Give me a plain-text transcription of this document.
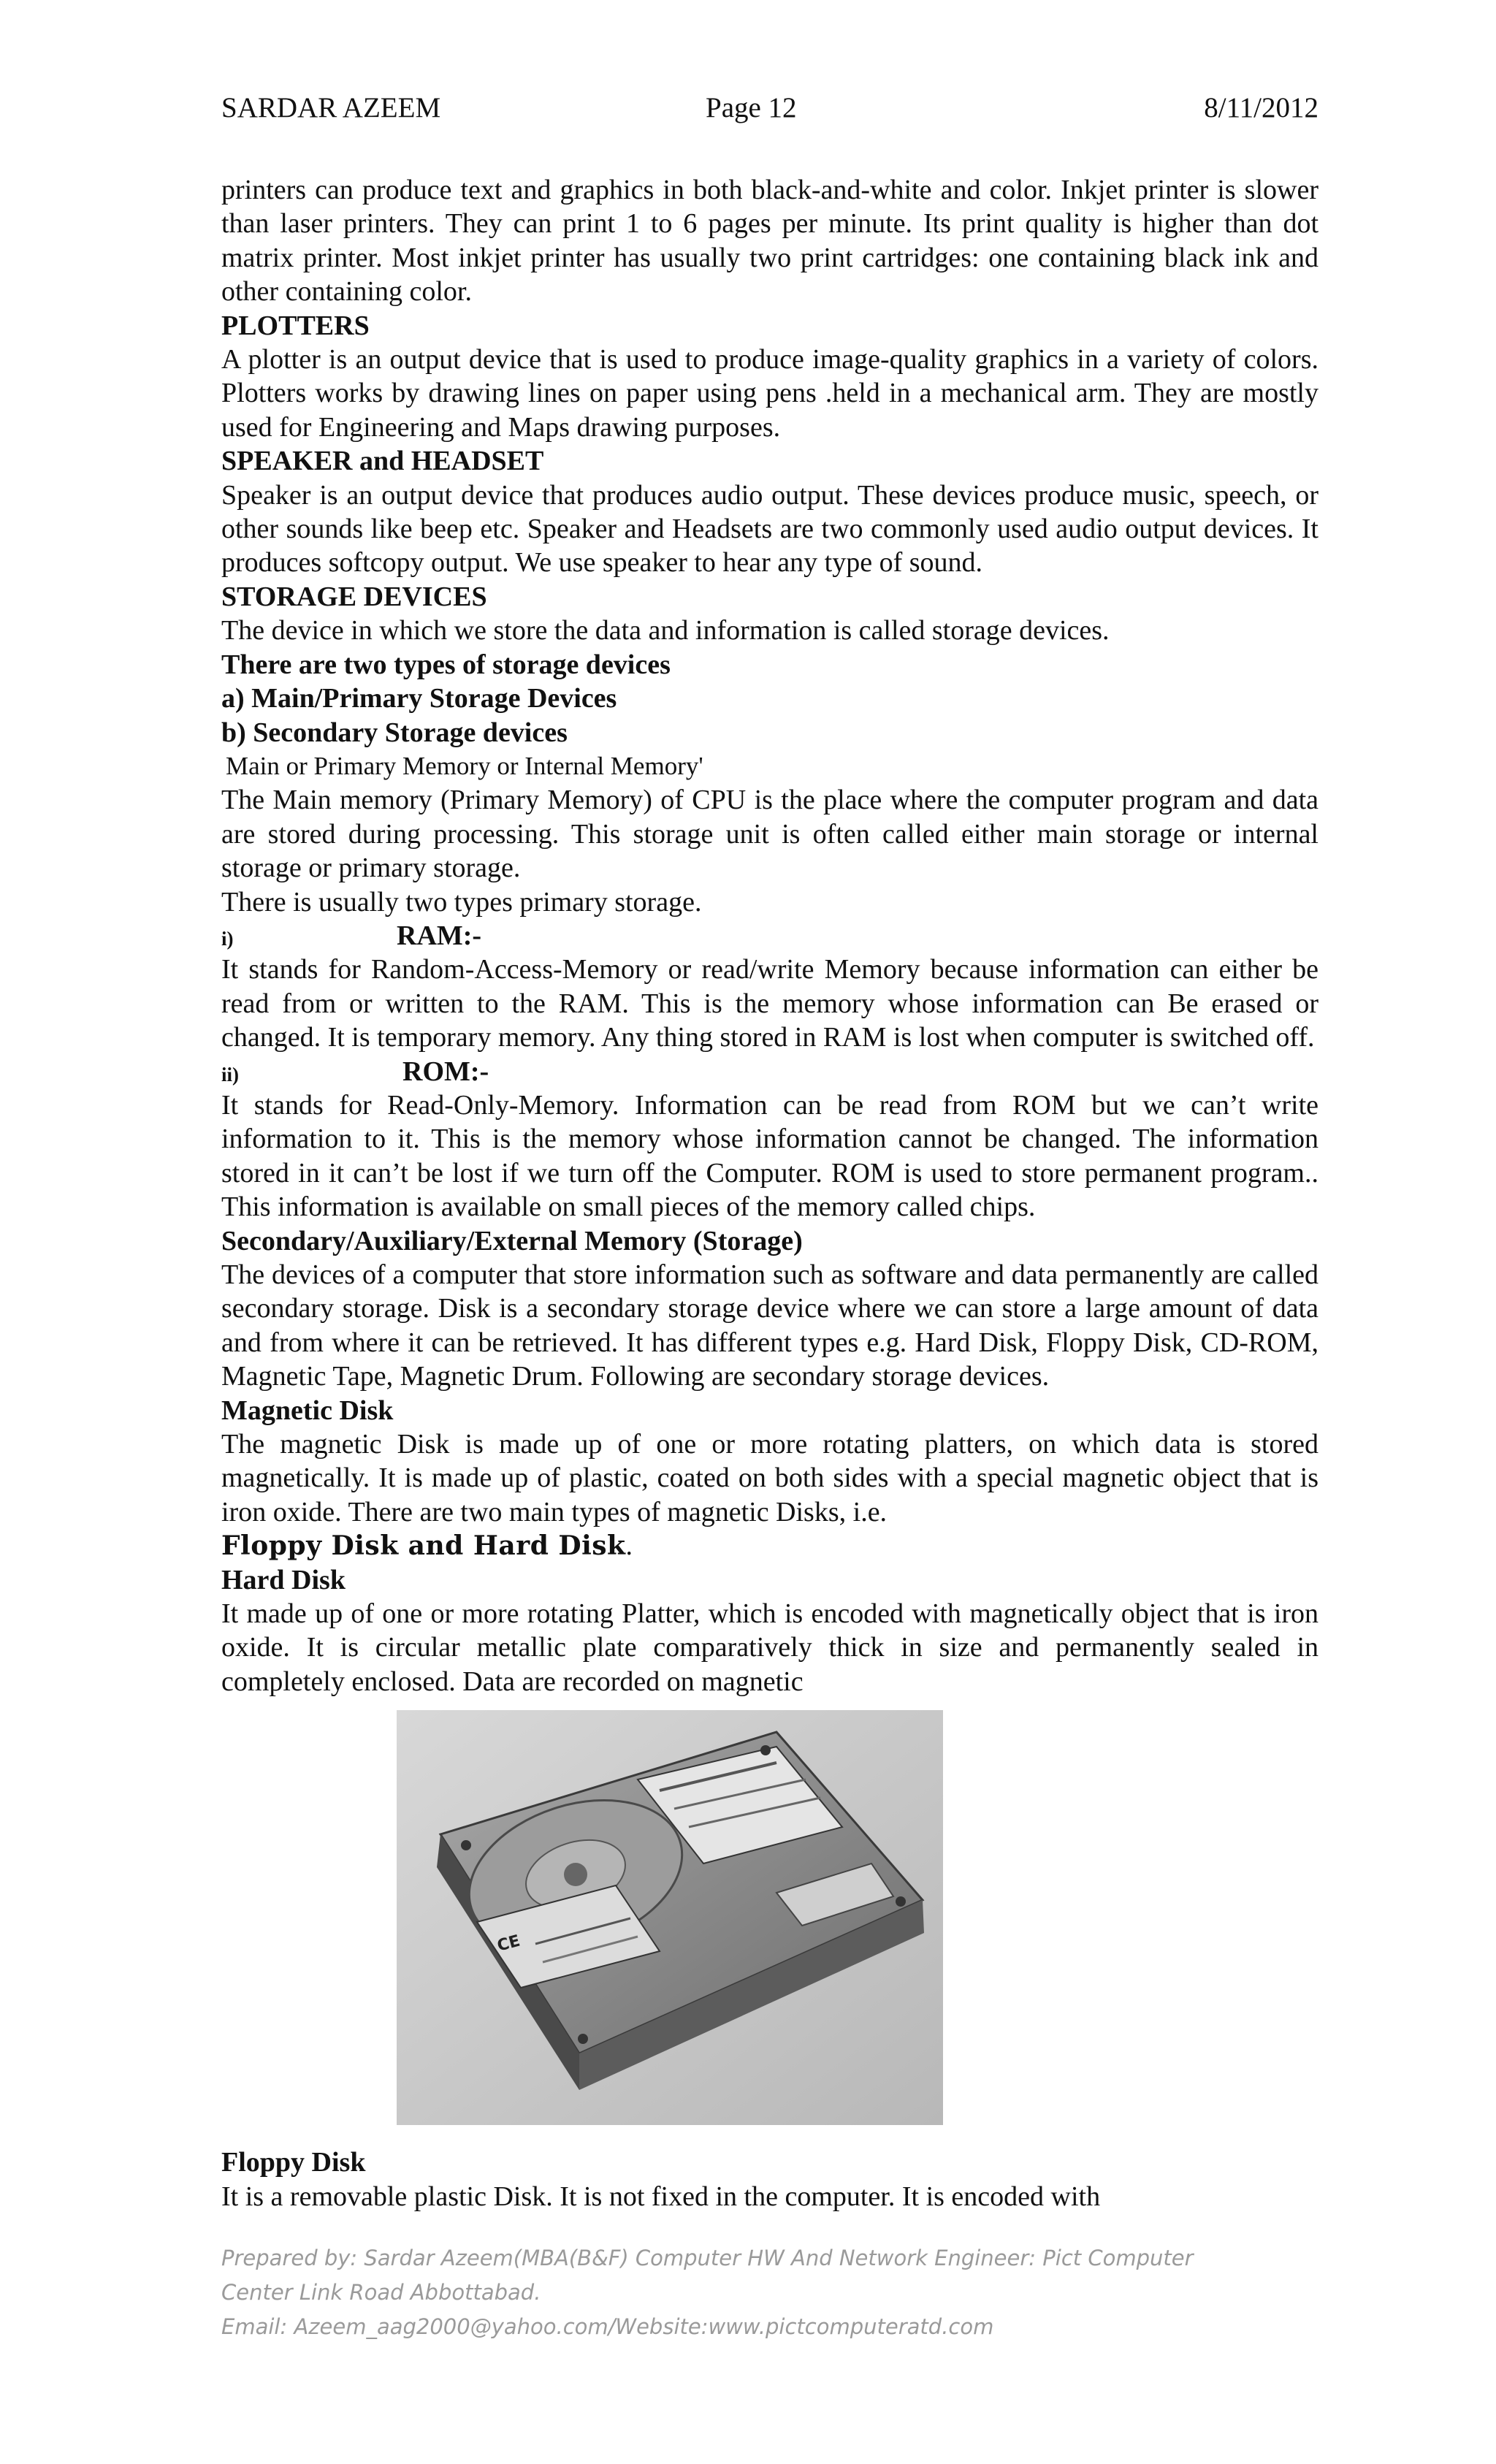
SARDAR AZEEM	Page 12	8/11/2012

printers can produce text and graphics in both black-and-white and color. Inkjet printer is slower than laser printers. They can print 1 to 6 pages per minute. Its print quality is higher than dot matrix printer. Most inkjet printer has usually two print cartridges: one containing black ink and other containing color.

PLOTTERS

A plotter is an output device that is used to produce image-quality graphics in a variety of colors. Plotters works by drawing lines on paper using pens .held in a mechanical arm. They are mostly used for Engineering and Maps drawing purposes.

SPEAKER and HEADSET

Speaker is an output device that produces audio output. These devices produce music, speech, or other sounds like beep etc. Speaker and Headsets are two commonly used audio output devices. It produces softcopy output. We use speaker to hear any type of sound.

STORAGE DEVICES

The device in which we store the data and information is called storage devices.

There are two types of storage devices

a) Main/Primary Storage Devices

b) Secondary Storage devices

Main or Primary Memory or Internal Memory'

The Main memory (Primary Memory) of CPU is the place where the computer program and data are stored during processing. This storage unit is often called either main storage or internal storage or primary storage.

There is usually two types primary storage.

i)	RAM:-

It stands for Random-Access-Memory or read/write Memory because information can either be read from or written to the RAM. This is the memory whose information can Be erased or changed. It is temporary memory. Any thing stored in RAM is lost when computer is switched off.

ii)	ROM:-

It stands for Read-Only-Memory. Information can be read from ROM but we can’t write information to it. This is the memory whose information cannot be changed. The information stored in it can’t be lost if we turn off the Computer. ROM is used to store permanent program.. This information is available on small pieces of the memory called chips.

Secondary/Auxiliary/External Memory (Storage)

The devices of a computer that store information such as software and data permanently are called secondary storage. Disk is a secondary storage device where we can store a large amount of data and from where it can be retrieved. It has different types e.g. Hard Disk, Floppy Disk, CD-ROM, Magnetic Tape, Magnetic Drum. Following are secondary storage devices.

Magnetic Disk

The magnetic Disk is made up of one or more rotating platters, on which data is stored magnetically. It is made up of plastic, coated on both sides with a special magnetic object that is iron oxide. There are two main types of magnetic Disks, i.e.

Floppy Disk and Hard Disk.

Hard Disk

It made up of one or more rotating Platter, which is encoded with magnetically object that is iron oxide. It is circular metallic plate comparatively thick in size and permanently sealed in completely enclosed. Data are recorded on magnetic

CE

Floppy Disk

It is a removable plastic Disk. It is not fixed in the computer. It is encoded with

Prepared by: Sardar Azeem(MBA(B&F) Computer HW And Network Engineer: Pict Computer

Center Link Road Abbottabad.

Email: Azeem_aag2000@yahoo.com/Website:www.pictcomputeratd.com
